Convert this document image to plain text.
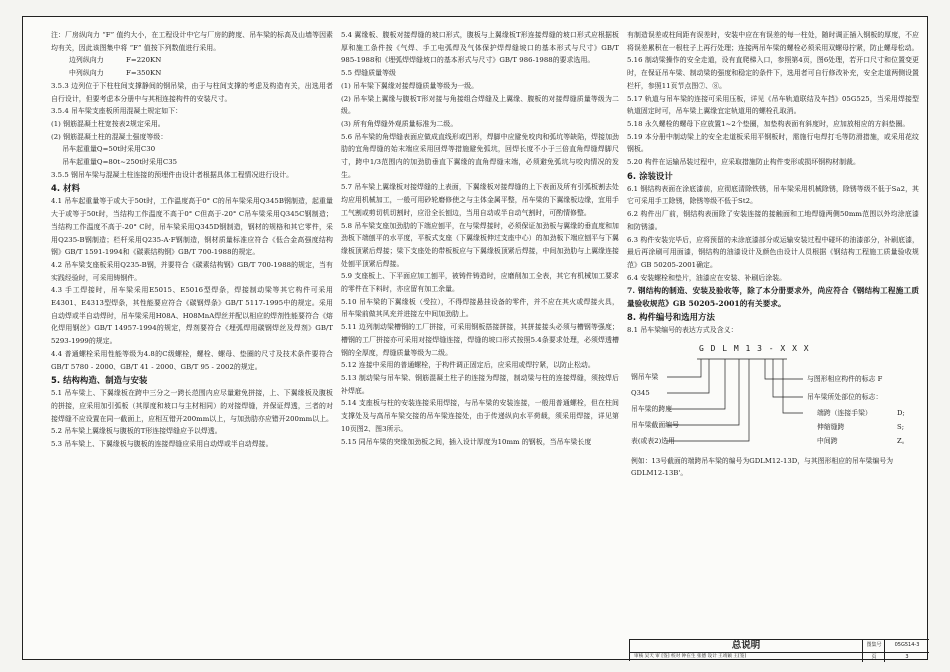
注：厂房纵向力 “F” 值约大小，在工程设计中它与厂房的跨度、吊车梁的标高及山墙等因素均有关，因此该图集中将 “F” 值按下列数值进行采用。

边列纵向力          F=220KN

中列纵向力          F=350KN

3.5.3 边列位于下柱柱间支撑静间的钢吊梁，由于与柱间支撑的考虑及构造有关，出选用者自行设计，但要考虑本分册中与其相连接构件的安装尺寸。

3.5.4 吊车梁支座板所用混凝土规定如下：

(1) 钢筋混凝土柱宽按表2规定采用。

(2) 钢筋混凝土柱的混凝土强度等级：

吊车起重量Q=50t时采用C30

吊车起重量Q=80t~250t时采用C35

3.5.5 钢吊车梁与混凝土柱连接的预埋件由设计者根据具体工程情况进行设计。

4. 材料

4.1 吊车起重量等于或大于50t时，工作温度高于0° C的吊车梁采用Q345B钢制造，起重量大于或等于50t时，当结构工作温度不高于0° C但高于-20° C吊车梁采用Q345C钢制造；当结构工作温度不高于-20° C时，吊车梁采用Q345D钢制造，钢材的规格和其它零件，采用Q235-B钢制造；栏杆采用Q235-A·F钢制造，钢材质量标准应符合《低合金高强度结构钢》GB/T 1591-1994和《碳素结构钢》GB/T 700-1988的规定。

4.2 吊车梁支座板采用Q235-B钢，并要符合《碳素结构钢》GB/T 700-1988的规定，当有实践经验时，可采用铸钢件。

4.3 手工焊接时，吊车梁采用E5015、E5016型焊条，焊接制动梁等其它构件可采用E4301、E4313型焊条，其性能要应符合《碳钢焊条》GB/T 5117-1995中的规定。采用自动焊或半自动焊时，吊车梁采用H08A、H08MnA焊丝并配以相应的焊剂性能要符合《熔化焊用钢丝》GB/T 14957-1994的规定，焊剂要符合《埋弧焊用碳钢焊丝及焊剂》GB/T 5293-1999的规定。

4.4 普通螺栓采用性能等级为4.8的C级螺栓，螺栓、螺母、垫圈的尺寸及技术条件要符合GB/T 5780 - 2000、GB/T 41 - 2000、GB/T 95 - 2002的规定。

5. 结构构造、制造与安装

5.1 吊车梁上、下翼缘板在跨中三分之一跨长范围内应尽量避免拼接，上、下翼缘板及腹板的拼接，应采用加引弧板（其厚度和坡口与主材相同）的对接焊缝，并保证焊透，三者的对接焊缝不应设置在同一截面上，应相互错开200mm以上，与加劲肋亦应错开200mm以上。

5.2 吊车梁上翼缘板与腹板的T形连接焊缝应予以焊透。

5.3 吊车梁上、下翼缘板与腹板的连接焊缝应采用自动焊或半自动焊接。

5.4 翼缘板、腹板对接焊缝的坡口形式，腹板与上翼缘板T形连接焊缝的坡口形式应根据板厚和施工条件按《气焊、手工电弧焊及气体保护焊焊缝坡口的基本形式与尺寸》GB/T 985-1988和《埋弧焊焊缝坡口的基本形式与尺寸》GB/T 986-1988的要求选用。

5.5 焊缝质量等级

(1) 吊车梁下翼缘对接焊缝质量等级为一级。

(2) 吊车梁上翼缘与腹板T形对接与角接组合焊缝及上翼缘、腹板的对接焊缝质量等级为二级。

(3) 所有角焊缝外观质量标准为二级。

5.6 吊车梁的角焊缝表面应做成直线形或凹形，焊脚中应避免咬肉和弧坑等缺陷，焊接加劲肋的宜角焊缝的始末端应采用回焊等措施避免弧坑，回焊长度不小于三倍直角焊缝焊脚尺寸，跨中1/3范围内的加劲肋垂直下翼缘的直角焊缝末端，必须避免弧坑与咬肉情况的发生。

5.7 吊车梁上翼缘板对接焊缝的上表面，下翼缘板对接焊缝的上下表面及所有引弧板割去处均应用机械加工，一般可用砂轮磨修使之与主体金属平整，吊车梁的下翼缘板边缘，宜用手工气割或剪切机切割时，应沿全长刨边，当用自动或半自动气割时，可酌情修整。

5.8 吊车梁支座加劲肋的下端应刨平，在与梁焊接时，必须保证加劲板与翼缘的垂直度和加劲板下端刨平的水平度，平板式支座（下翼缘板伸过支座中心）的加劲板下端应刨平与下翼缘板顶紧后焊接；梁下支座处的带板板应与下翼缘板顶紧后焊接，中间加劲肋与上翼缘连接处刨平顶紧后焊接。

5.9 支座板上、下平面应加工刨平，被铸件铸造时，应磨削加工全表，其它有机械加工要求的零件在下料时，亦应留有加工余量。

5.10 吊车梁的下翼缘板（受拉），不得焊接悬挂设备的零件，并不应在其火或焊接火具，吊车梁前做其风充并进接左中间加劲肋上。

5.11 边列制动梁槽钢的工厂拼接，可采用钢板搭接拼接，其拼接接头必须与槽钢等强度；槽钢的工厂拼接亦可采用对接焊缝连接，焊缝的坡口形式按照5.4条要求处理，必须焊透槽钢的全厚度，焊缝质量等级为二级。

5.12 连接中采用的普通螺栓，于构件调正固定后，应采用或焊拧紧，以防止松动。

5.13 制动梁与吊车梁、钢筋混凝土柱子的连接为焊接，制动梁与柱的连接焊缝，须按焊后补焊底。

5.14 支座板与柱的安装连接采用焊接，与吊车梁的安装连接，一般用普通螺栓，但在柱间支撑处及与高吊车梁交接的吊车梁连接处，由于传递纵向水平荷载，须采用焊接，详见第10页图2、图3所示。

5.15 同吊车梁的突缘加劲板之间，插入设计厚度为10mm 的钢板，当吊车梁长度

有制造误差或柱间距有误差时，安装中应在有误差的每一柱处，随时调正插入钢板的厚度，不应将误差累积在一根柱子上再行处理；连接两吊车梁的螺栓必须采用双螺母拧紧，防止螺母松动。

5.16 制动梁操作的安全走道，设有直爬梯入口，参照第4页，图6处理，若开口尺寸和位置变更时，在保证吊车梁、制动梁的强度和稳定的条件下，选用者可自行修改补充，安全走道两侧设置栏杆，参照11页节点图⑦、⑧。

5.17 轨道与吊车梁的连接可采用压板，详见《吊车轨道联结及车挡》05G525，当采用焊接型轨道固定时可，吊车梁上翼缘宜定轨道用的螺栓孔取消。

5.18 永久螺栓的螺母下应放置1~2个垫圈，加垫构表面有斜度时，应加放相应的方斜垫圈。

5.19 本分册中制动梁上的安全走道板采用平钢板时，需施行电焊打毛等防滑措施，或采用花纹钢板。

5.20 构件在运输吊装过程中，应采取措施防止构件变形或损坏钢构材制裁。

6. 涂装设计

6.1 钢结构表面在涂底漆前，应彻底清除铁锈，吊车梁采用机械除锈，除锈等级不低于Sa2，其它可采用手工除锈，除锈等级不低于St2。

6.2 构件出厂前，钢结构表面除了安装连接的接触面和工地焊缝两侧50mm范围以外均涂底漆和防锈漆。

6.3 构件安装完毕后，应将预留的未涂底漆部分或运输安装过程中碰坏的油漆部分，补刷底漆，最后再涂刷可用面漆，钢结构的油漆设计及颜色由设计人员根据《钢结构工程施工质量验收规范》GB 50205-2001确定。

6.4 安装螺栓和垫片，油漆应在安装、补刷后涂装。

7. 钢结构的制造、安装及验收等，除了本分册要求外，尚应符合《钢结构工程施工质量验收规范》GB 50205-2001的有关要求。

8. 构件编号和选用方法

8.1 吊车梁编号的表达方式及含义：

G D L M 1 3 - X X X
钢吊车梁
Q345
吊车梁的跨度
吊车梁截面编号
表(或表2)选用
与图形相应构件的标志 F
吊车梁所处部位的标志：
端跨（连接手梁）
伸缩缝跨
中间跨
D;
S;
Z。
例如：13号截面的端跨吊车梁的编号为GDLM12-13D，与其图形相应的吊车梁编号为GDLM12-13B'。
总说明
审核 吴天 审 [签] 校对 钟在生 张德 设计 王靖颖 王[签]
图集号	05G514-3
页	3
